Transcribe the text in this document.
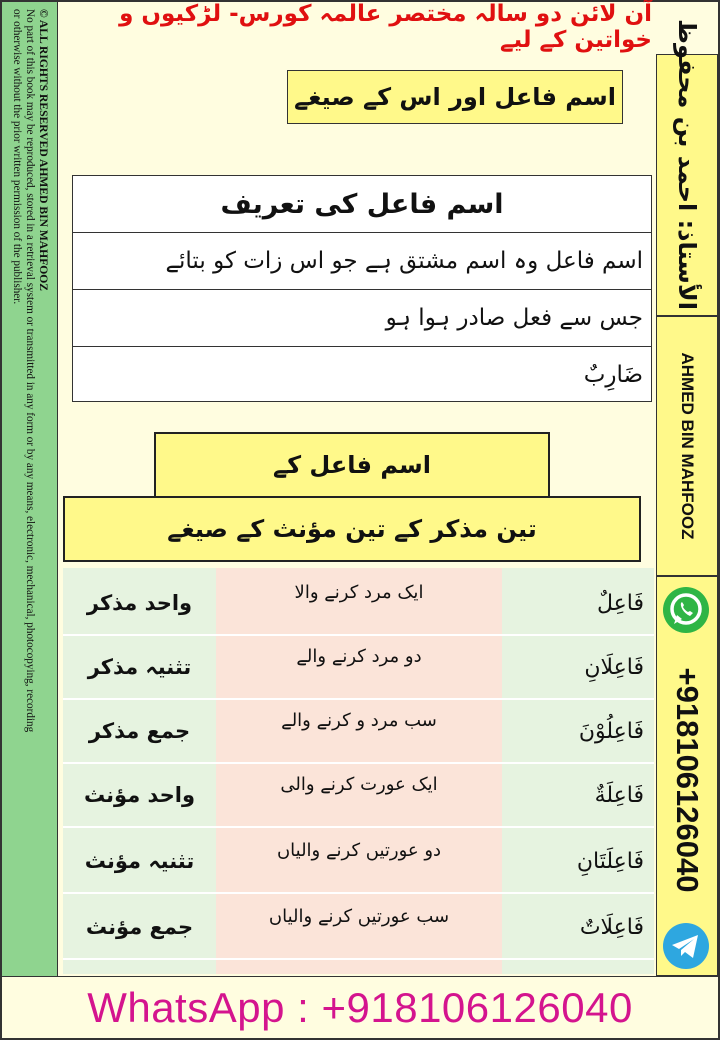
© ALL RIGHTS RESERVED AHMED BIN MAHFOOZ
No part of this book may be reproduced, stored in a retrieval system or transmitted in any form or by any means, electronic, mechanical, photocopying, recording
or otherwise without the prior written permission of the publisher.	آن لائن دو سالہ مختصر عالمہ کورس- لڑکیوں و خواتین کے لیے الأستاذ: احمد بن محفوظ
AHMED BIN MAHFOOZ
+918106126040
اسم فاعل اور اس کے صیغے
اسم فاعل کی تعریف
اسم فاعل وہ اسم مشتق ہے جو اس زات کو بتائے
جس سے فعل صادر ہوا ہو
ضَارِبٌ
اسم فاعل کے
تین مذکر کے تین مؤنث کے صیغے
واحد مذکر	ایک مرد کرنے والا	فَاعِلٌ
تثنیہ مذکر	دو مرد کرنے والے	فَاعِلَانِ
جمع مذکر	سب مرد و کرنے والے	فَاعِلُوْنَ
واحد مؤنث	ایک عورت کرنے والی	فَاعِلَةٌ
تثنیہ مؤنث	دو عورتیں کرنے والیاں	فَاعِلَتَانِ
جمع مؤنث	سب عورتیں کرنے والیاں	فَاعِلَاتٌ
WhatsApp : +918106126040
